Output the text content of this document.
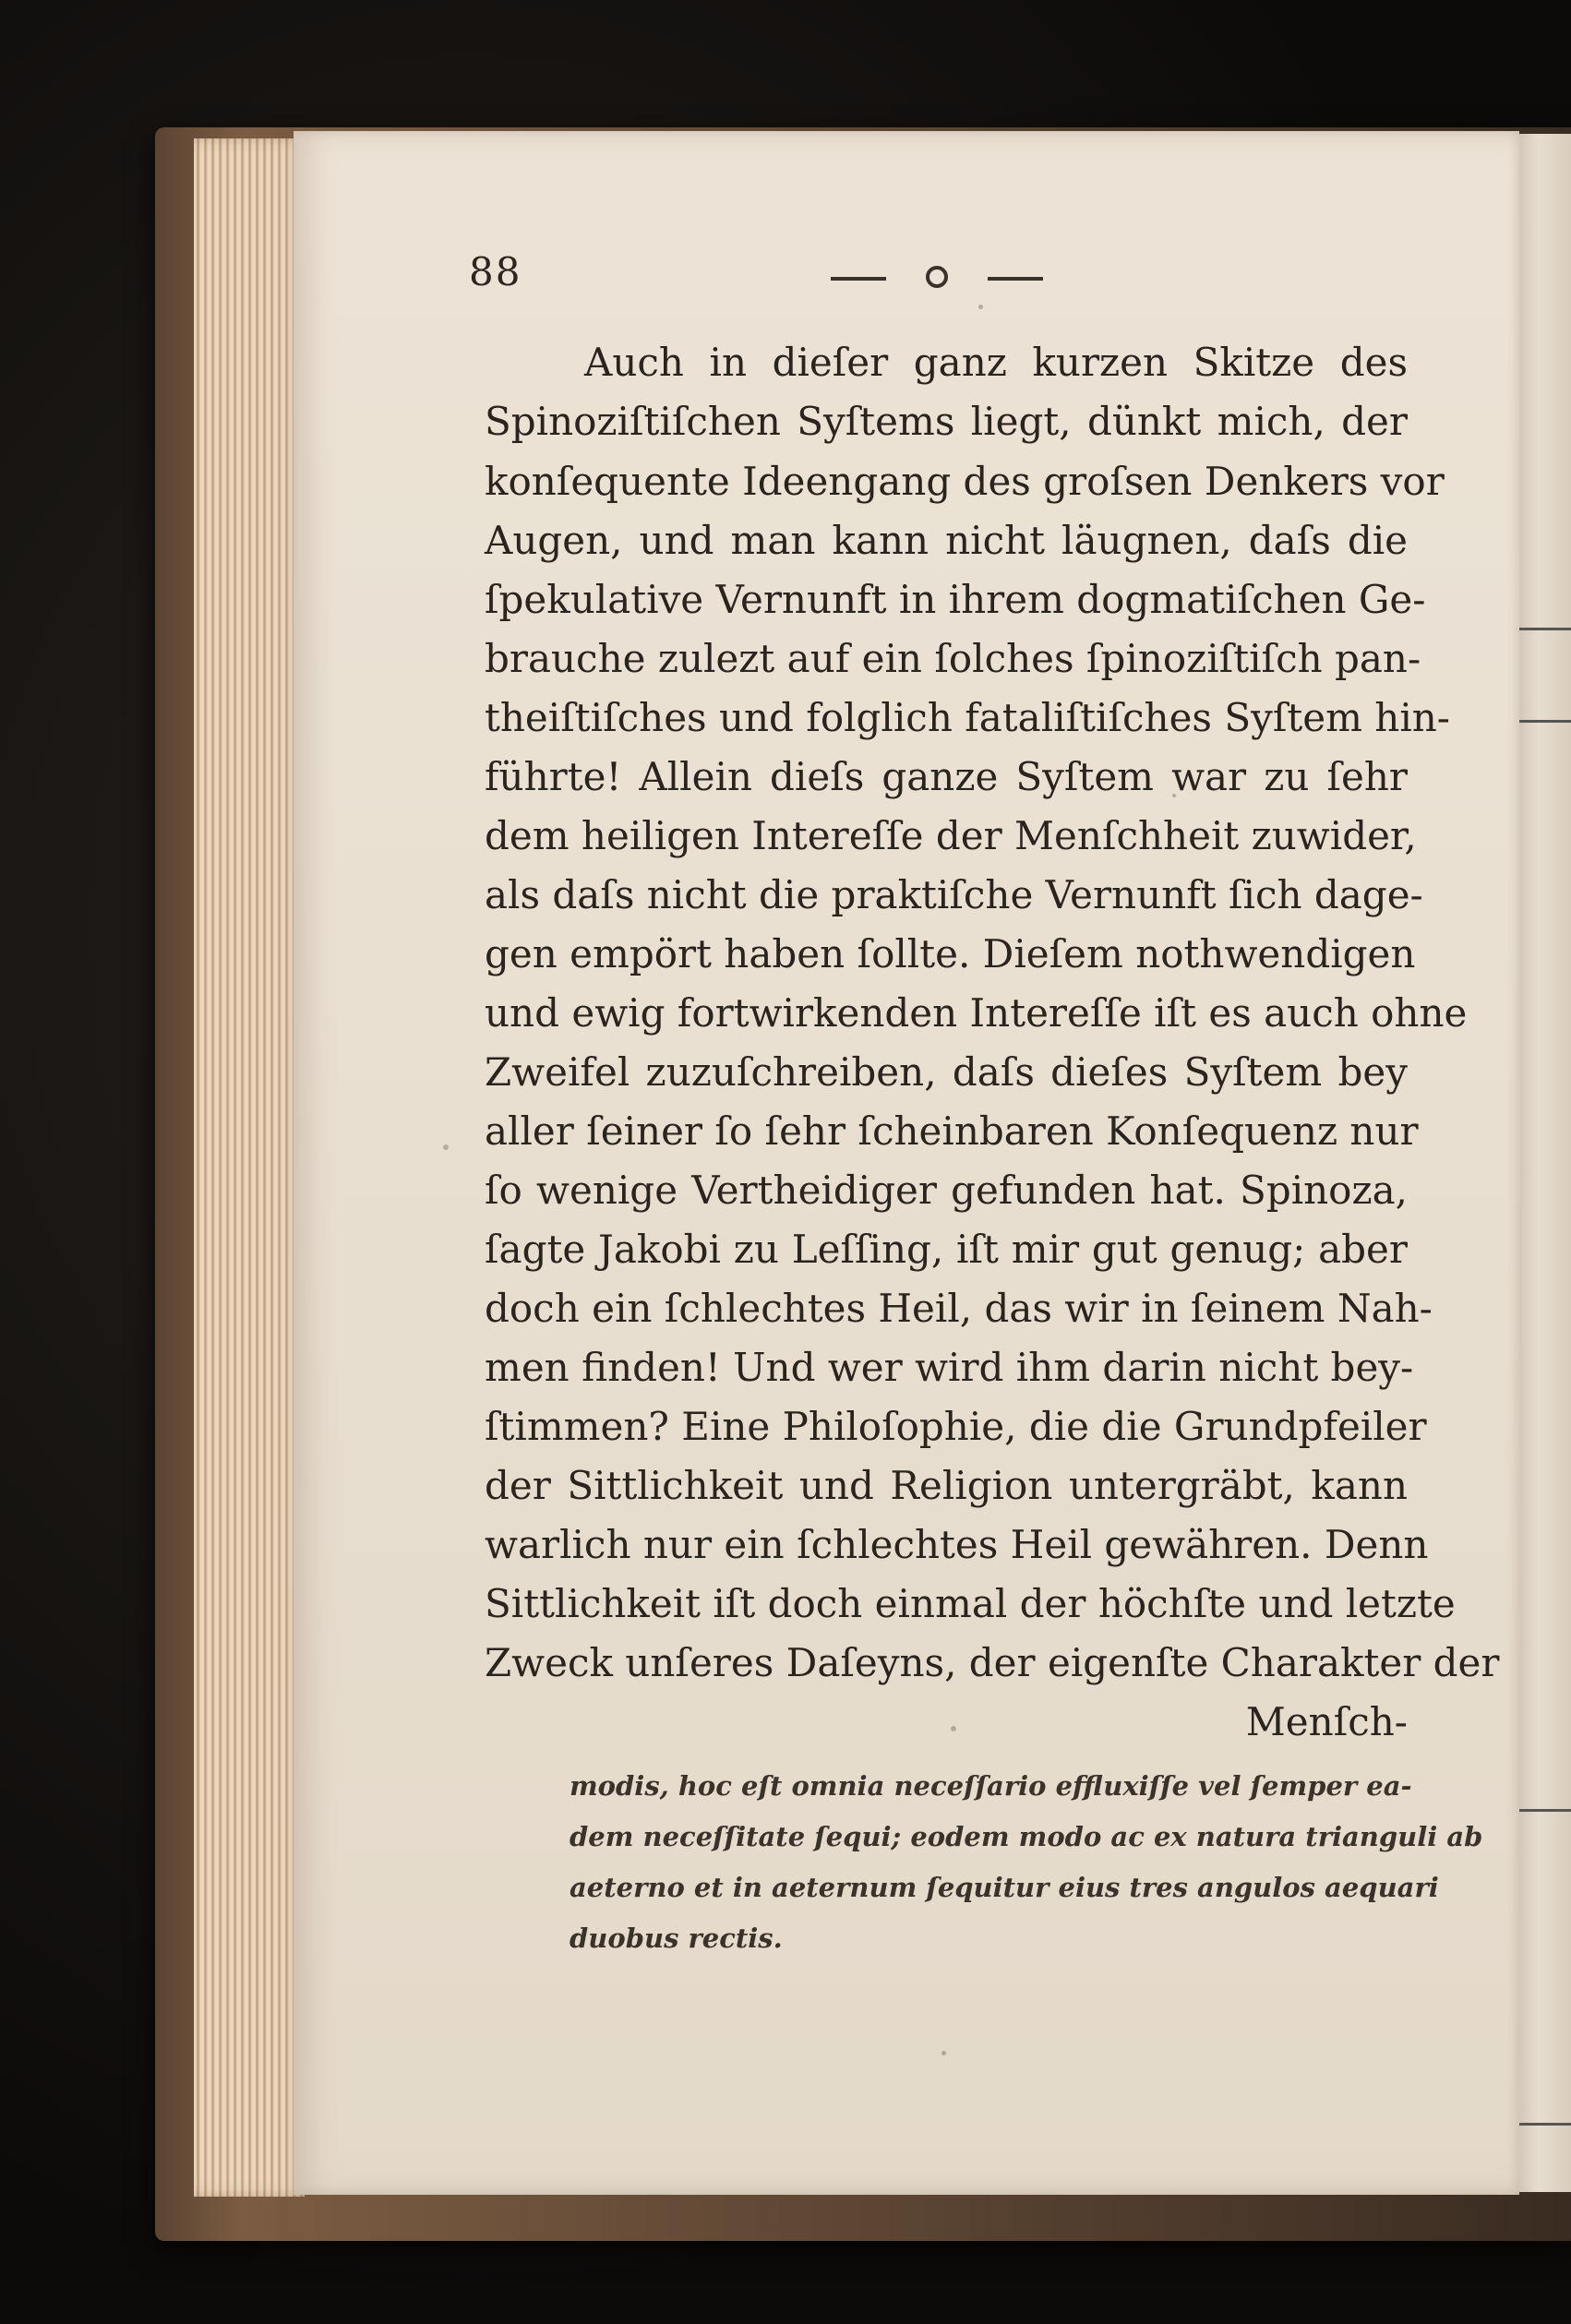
88
Auch in dieſer ganz kurzen Skitze des
Spinoziſtiſchen Syſtems liegt, dünkt mich, der
konſequente Ideengang des groſsen Denkers vor
Augen, und man kann nicht läugnen, daſs die
ſpekulative Vernunft in ihrem dogmatiſchen Ge-
brauche zulezt auf ein ſolches ſpinoziſtiſch pan-
theiſtiſches und folglich fataliſtiſches Syſtem hin-
führte! Allein dieſs ganze Syſtem war zu ſehr
dem heiligen Intereſſe der Menſchheit zuwider,
als daſs nicht die praktiſche Vernunft ſich dage-
gen empört haben ſollte. Dieſem nothwendigen
und ewig fortwirkenden Intereſſe iſt es auch ohne
Zweifel zuzuſchreiben, daſs dieſes Syſtem bey
aller ſeiner ſo ſehr ſcheinbaren Konſequenz nur
ſo wenige Vertheidiger gefunden hat. Spinoza,
ſagte Jakobi zu Leſſing, iſt mir gut genug; aber
doch ein ſchlechtes Heil, das wir in ſeinem Nah-
men finden! Und wer wird ihm darin nicht bey-
ſtimmen? Eine Philoſophie, die die Grundpfeiler
der Sittlichkeit und Religion untergräbt, kann
warlich nur ein ſchlechtes Heil gewähren. Denn
Sittlichkeit iſt doch einmal der höchſte und letzte
Zweck unſeres Daſeyns, der eigenſte Charakter der
Menſch-
modis, hoc eſt omnia neceſſario effluxiſſe vel ſemper ea-
dem neceſſitate ſequi; eodem modo ac ex natura trianguli ab
aeterno et in aeternum ſequitur eius tres angulos aequari
duobus rectis.
